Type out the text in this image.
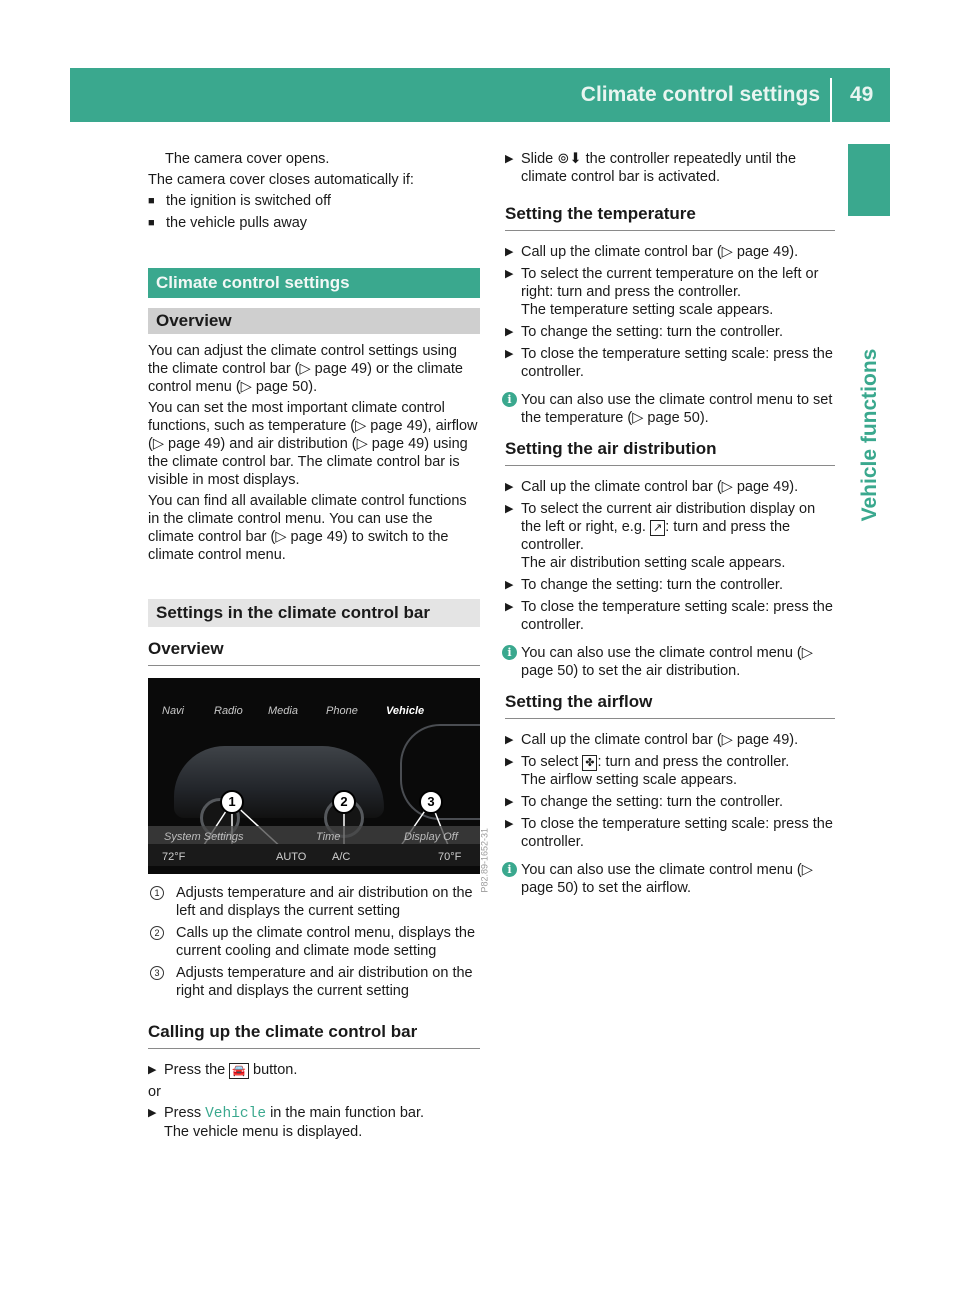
Climate control settings 49
Vehicle functions

The camera cover opens.

The camera cover closes automatically if:

■ the ignition is switched off
■ the vehicle pulls away
Climate control settings
Overview

You can adjust the climate control settings using the climate control bar (▷ page 49) or the climate control menu (▷ page 50).

You can set the most important climate control functions, such as temperature (▷ page 49), airflow (▷ page 49) and air distribution (▷ page 49) using the climate control bar. The climate control bar is visible in most displays.

You can find all available climate control functions in the climate control menu. You can use the climate control bar (▷ page 49) to switch to the climate control menu.

Settings in the climate control bar
Overview
Navi	Radio Media	Phone	Vehicle
System Settings	Time	Display Off
72°F	AUTO A/C	70°F
1	2	3
P82.89-1652-31
1	Adjusts temperature and air distribution on the left and displays the current setting
2	Calls up the climate control menu, displays the current cooling and climate mode setting
3	Adjusts temperature and air distribution on the right and displays the current setting
Calling up the climate control bar
▶ Press the 🚘 button.

or

▶ Press Vehicle in the main function bar.
The vehicle menu is displayed.
▶ Slide ⊚⬇ the controller repeatedly until the climate control bar is activated.
Setting the temperature
▶ Call up the climate control bar (▷ page 49).
▶ To select the current temperature on the left or right: turn and press the controller.
The temperature setting scale appears.
▶ To change the setting: turn the controller.
▶ To close the temperature setting scale: press the controller.
i You can also use the climate control menu to set the temperature (▷ page 50).
Setting the air distribution
▶ Call up the climate control bar (▷ page 49).
▶ To select the current air distribution display on the left or right, e.g. ↗ : turn and press the controller.
The air distribution setting scale appears.
▶ To change the setting: turn the controller.
▶ To close the temperature setting scale: press the controller.
i You can also use the climate control menu (▷ page 50) to set the air distribution.
Setting the airflow
▶ Call up the climate control bar (▷ page 49).
▶ To select ✤ : turn and press the controller.
The airflow setting scale appears.
▶ To change the setting: turn the controller.
▶ To close the temperature setting scale: press the controller.
i You can also use the climate control menu (▷ page 50) to set the airflow.
